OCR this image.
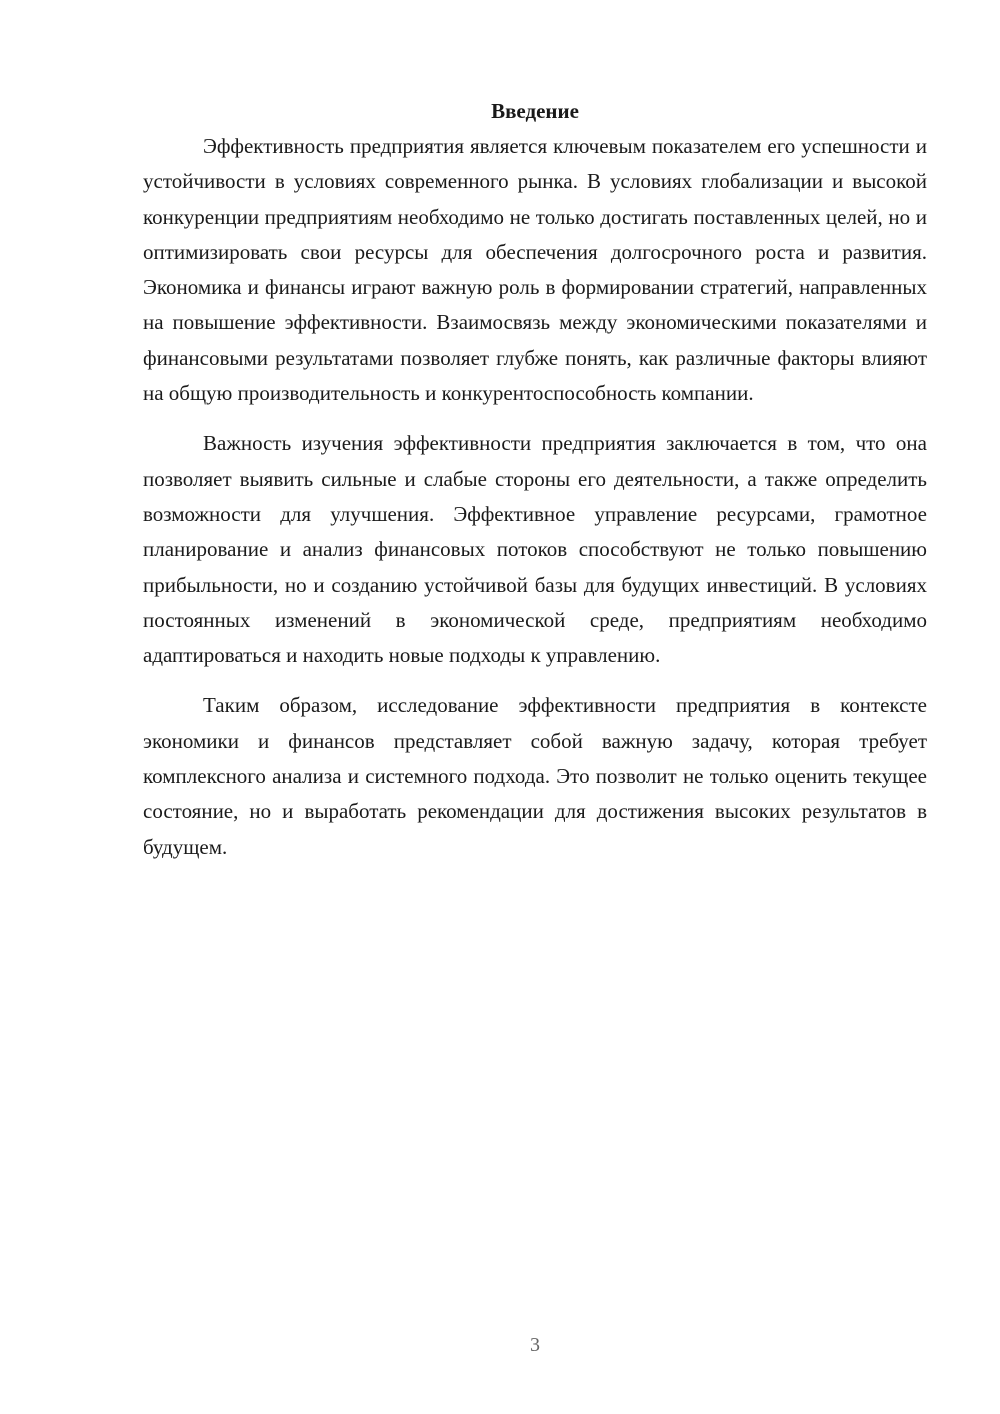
Введение

Эффективность предприятия является ключевым показателем его успешности и устойчивости в условиях современного рынка. В условиях глобализации и высокой конкуренции предприятиям необходимо не только достигать поставленных целей, но и оптимизировать свои ресурсы для обеспечения долгосрочного роста и развития. Экономика и финансы играют важную роль в формировании стратегий, направленных на повышение эффективности. Взаимосвязь между экономическими показателями и финансовыми результатами позволяет глубже понять, как различные факторы влияют на общую производительность и конкурентоспособность компании.

Важность изучения эффективности предприятия заключается в том, что она позволяет выявить сильные и слабые стороны его деятельности, а также определить возможности для улучшения. Эффективное управление ресурсами, грамотное планирование и анализ финансовых потоков способствуют не только повышению прибыльности, но и созданию устойчивой базы для будущих инвестиций. В условиях постоянных изменений в экономической среде, предприятиям необходимо адаптироваться и находить новые подходы к управлению.

Таким образом, исследование эффективности предприятия в контексте экономики и финансов представляет собой важную задачу, которая требует комплексного анализа и системного подхода. Это позволит не только оценить текущее состояние, но и выработать рекомендации для достижения высоких результатов в будущем.

3
